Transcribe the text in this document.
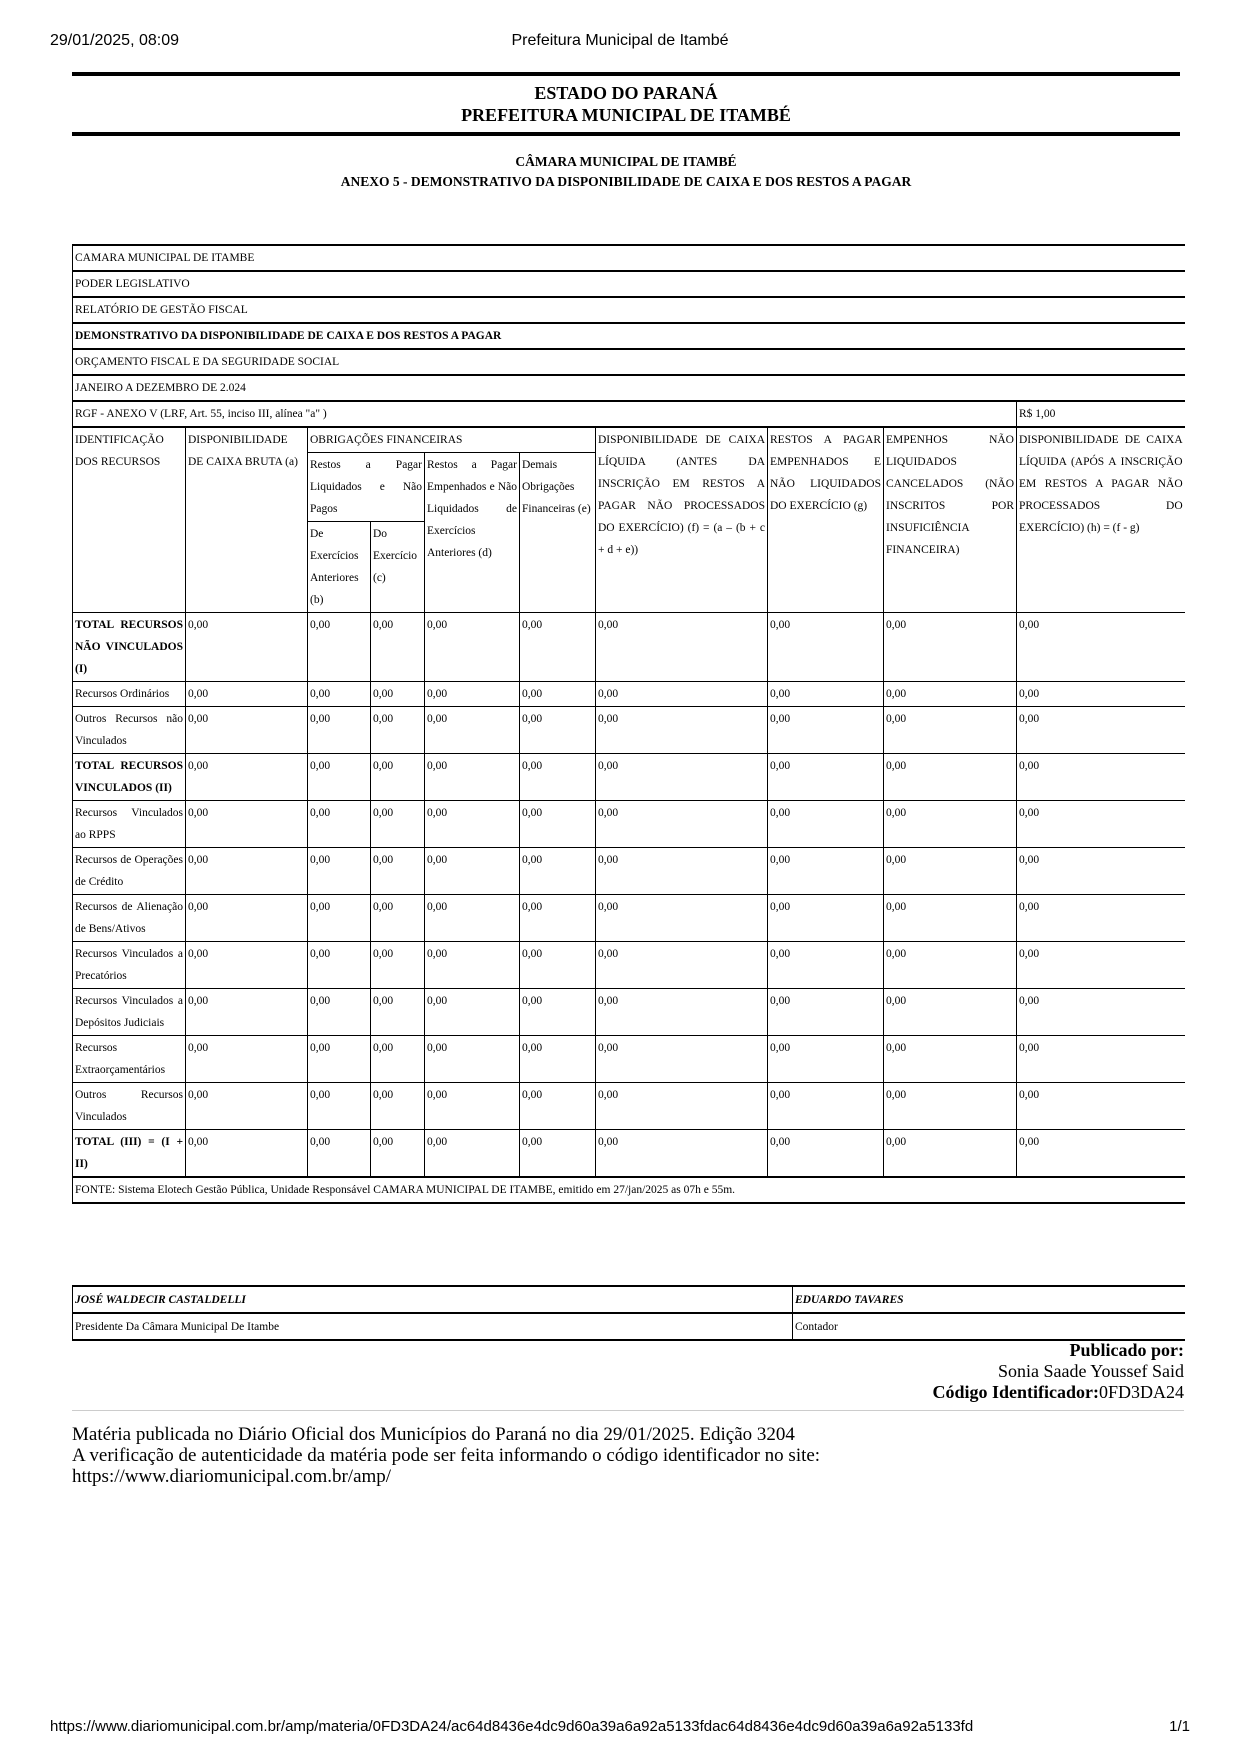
29/01/2025, 08:09	Prefeitura Municipal de Itambé
ESTADO DO PARANÁ
PREFEITURA MUNICIPAL DE ITAMBÉ
CÂMARA MUNICIPAL DE ITAMBÉ
ANEXO 5 - DEMONSTRATIVO DA DISPONIBILIDADE DE CAIXA E DOS RESTOS A PAGAR
CAMARA MUNICIPAL DE ITAMBE									
PODER LEGISLATIVO									
RELATÓRIO DE GESTÃO FISCAL									
DEMONSTRATIVO DA DISPONIBILIDADE DE CAIXA E DOS RESTOS A PAGAR									
ORÇAMENTO FISCAL E DA SEGURIDADE SOCIAL									
JANEIRO A DEZEMBRO DE 2.024									
RGF - ANEXO V (LRF, Art. 55, inciso III, alínea "a" )									R$ 1,00
IDENTIFICAÇÃO DOS RECURSOS	DISPONIBILIDADE DE CAIXA BRUTA (a)	OBRIGAÇÕES FINANCEIRAS				DISPONIBILIDADE DE CAIXA LÍQUIDA (ANTES DA INSCRIÇÃO EM RESTOS A PAGAR NÃO PROCESSADOS DO EXERCÍCIO) (f) = (a – (b + c + d + e))	RESTOS A PAGAR EMPENHADOS E NÃO LIQUIDADOS DO EXERCÍCIO (g)	EMPENHOS NÃO LIQUIDADOS CANCELADOS (NÃO INSCRITOS POR INSUFICIÊNCIA FINANCEIRA)	DISPONIBILIDADE DE CAIXA LÍQUIDA (APÓS A INSCRIÇÃO EM RESTOS A PAGAR NÃO PROCESSADOS DO EXERCÍCIO) (h) = (f - g)
		Restos a Pagar Liquidados e Não Pagos		Restos a Pagar Empenhados e Não Liquidados de Exercícios Anteriores (d)	Demais Obrigações Financeiras (e)				
		De Exercícios Anteriores (b)	Do Exercício (c)						
TOTAL RECURSOS NÃO VINCULADOS (I)	0,00	0,00	0,00	0,00	0,00	0,00	0,00	0,00	0,00
Recursos Ordinários	0,00	0,00	0,00	0,00	0,00	0,00	0,00	0,00	0,00
Outros Recursos não Vinculados	0,00	0,00	0,00	0,00	0,00	0,00	0,00	0,00	0,00
TOTAL RECURSOS VINCULADOS (II)	0,00	0,00	0,00	0,00	0,00	0,00	0,00	0,00	0,00
Recursos Vinculados ao RPPS	0,00	0,00	0,00	0,00	0,00	0,00	0,00	0,00	0,00
Recursos de Operações de Crédito	0,00	0,00	0,00	0,00	0,00	0,00	0,00	0,00	0,00
Recursos de Alienação de Bens/Ativos	0,00	0,00	0,00	0,00	0,00	0,00	0,00	0,00	0,00
Recursos Vinculados a Precatórios	0,00	0,00	0,00	0,00	0,00	0,00	0,00	0,00	0,00
Recursos Vinculados a Depósitos Judiciais	0,00	0,00	0,00	0,00	0,00	0,00	0,00	0,00	0,00
Recursos Extraorçamentários	0,00	0,00	0,00	0,00	0,00	0,00	0,00	0,00	0,00
Outros Recursos Vinculados	0,00	0,00	0,00	0,00	0,00	0,00	0,00	0,00	0,00
TOTAL (III) = (I + II)	0,00	0,00	0,00	0,00	0,00	0,00	0,00	0,00	0,00
FONTE: Sistema Elotech Gestão Pública, Unidade Responsável CAMARA MUNICIPAL DE ITAMBE, emitido em 27/jan/2025 as 07h e 55m.									
JOSÉ WALDECIR CASTALDELLI	EDUARDO TAVARES
Presidente Da Câmara Municipal De Itambe	Contador
Publicado por:
Sonia Saade Youssef Said
Código Identificador:0FD3DA24
Matéria publicada no Diário Oficial dos Municípios do Paraná no dia 29/01/2025. Edição 3204
A verificação de autenticidade da matéria pode ser feita informando o código identificador no site:
https://www.diariomunicipal.com.br/amp/
https://www.diariomunicipal.com.br/amp/materia/0FD3DA24/ac64d8436e4dc9d60a39a6a92a5133fdac64d8436e4dc9d60a39a6a92a5133fd	1/1
